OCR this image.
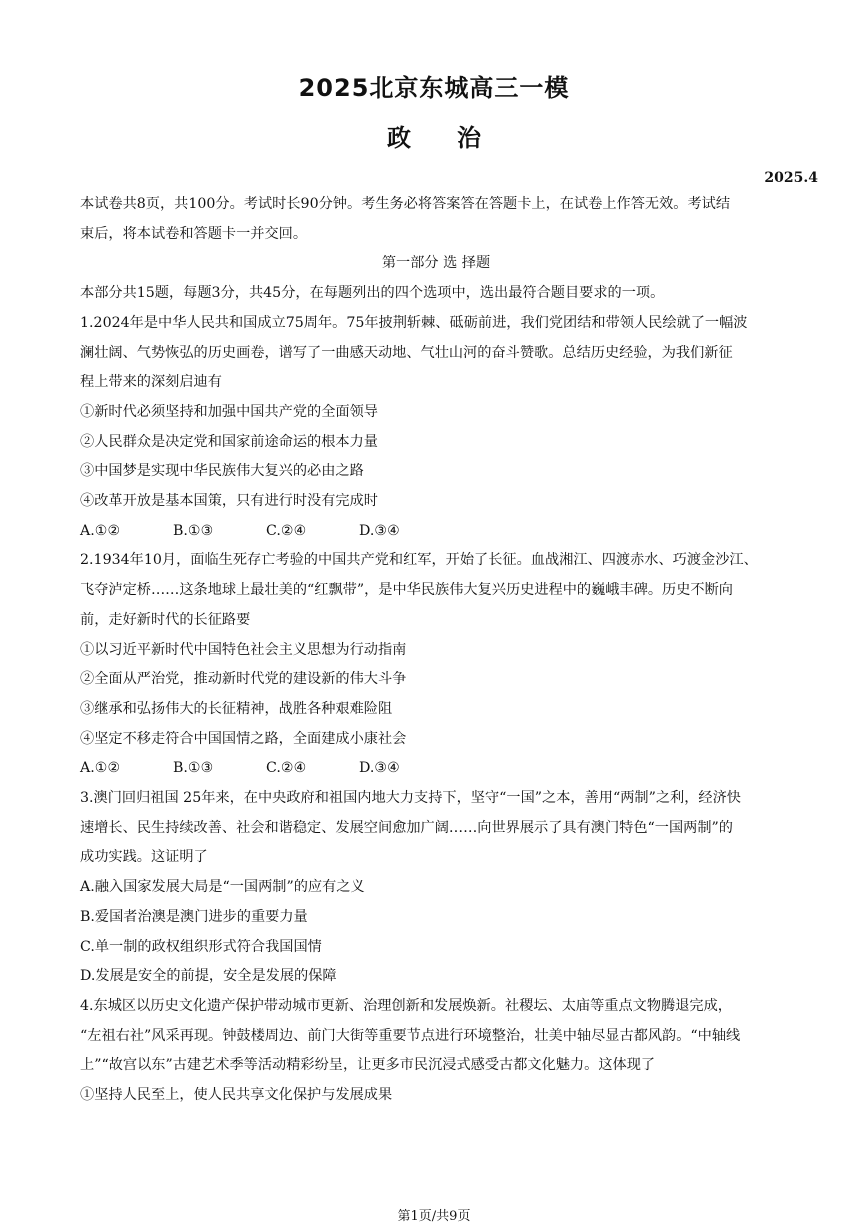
2025北京东城高三一模
政治
2025.4

本试卷共8页，共100分。考试时长90分钟。考生务必将答案答在答题卡上，在试卷上作答无效。考试结

束后，将本试卷和答题卡一并交回。

第一部分 选 择题

本部分共15题，每题3分，共45分，在每题列出的四个选项中，选出最符合题目要求的一项。

1.2024年是中华人民共和国成立75周年。75年披荆斩棘、砥砺前进，我们党团结和带领人民绘就了一幅波

澜壮阔、气势恢弘的历史画卷，谱写了一曲感天动地、气壮山河的奋斗赞歌。总结历史经验，为我们新征

程上带来的深刻启迪有

①新时代必须坚持和加强中国共产党的全面领导

②人民群众是决定党和国家前途命运的根本力量

③中国梦是实现中华民族伟大复兴的必由之路

④改革开放是基本国策，只有进行时没有完成时

A.①②	B.①③	C.②④	D.③④

2.1934年10月，面临生死存亡考验的中国共产党和红军，开始了长征。血战湘江、四渡赤水、巧渡金沙江、

飞夺泸定桥……这条地球上最壮美的“红飘带”，是中华民族伟大复兴历史进程中的巍峨丰碑。历史不断向

前，走好新时代的长征路要

①以习近平新时代中国特色社会主义思想为行动指南

②全面从严治党，推动新时代党的建设新的伟大斗争

③继承和弘扬伟大的长征精神，战胜各种艰难险阻

④坚定不移走符合中国国情之路，全面建成小康社会

A.①②	B.①③	C.②④	D.③④

3.澳门回归祖国 25年来，在中央政府和祖国内地大力支持下，坚守“一国”之本，善用“两制”之利，经济快

速增长、民生持续改善、社会和谐稳定、发展空间愈加广阔……向世界展示了具有澳门特色“一国两制”的

成功实践。这证明了

A.融入国家发展大局是“一国两制”的应有之义

B.爱国者治澳是澳门进步的重要力量

C.单一制的政权组织形式符合我国国情

D.发展是安全的前提，安全是发展的保障

4.东城区以历史文化遗产保护带动城市更新、治理创新和发展焕新。社稷坛、太庙等重点文物腾退完成，

“左祖右社”风采再现。钟鼓楼周边、前门大街等重要节点进行环境整治，壮美中轴尽显古都风韵。“中轴线

上”“故宫以东”古建艺术季等活动精彩纷呈，让更多市民沉浸式感受古都文化魅力。这体现了

①坚持人民至上，使人民共享文化保护与发展成果

第1页/共9页
